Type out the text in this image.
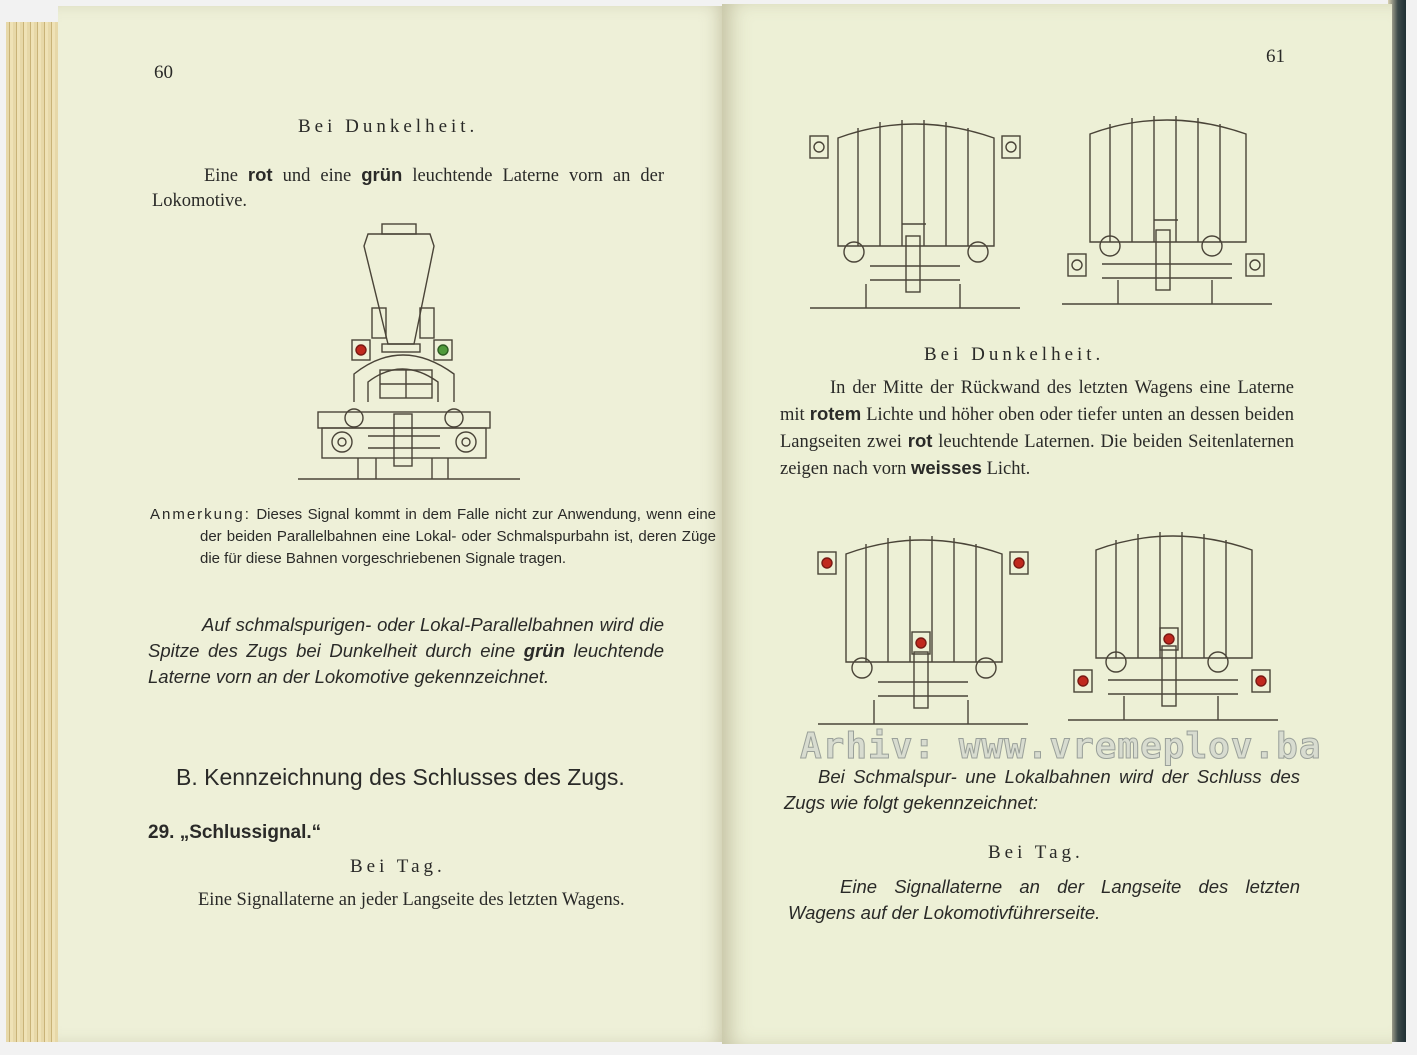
60

Bei Dunkelheit.

Eine rot und eine grün leuchtende Laterne vorn an der Lokomotive.

Anmerkung: Dieses Signal kommt in dem Falle nicht zur Anwendung, wenn eine der beiden Parallelbahnen eine Lokal- oder Schmalspurbahn ist, deren Züge die für diese Bahnen vorgeschriebenen Signale tragen.

Auf schmalspurigen- oder Lokal-Parallelbahnen wird die Spitze des Zugs bei Dunkelheit durch eine grün leuchtende Laterne vorn an der Lokomotive gekennzeichnet.

B. Kennzeichnung des Schlusses des Zugs.

29. „Schlussignal.“

Bei Tag.

Eine Signallaterne an jeder Langseite des letzten Wagens.

61

Bei Dunkelheit.

In der Mitte der Rückwand des letzten Wagens eine Laterne mit rotem Lichte und höher oben oder tiefer unten an dessen beiden Langseiten zwei rot leuchtende Laternen. Die beiden Seitenlaternen zeigen nach vorn weisses Licht.

Bei Schmalspur- une Lokalbahnen wird der Schluss des Zugs wie folgt gekennzeichnet:

Bei Tag.

Eine Signallaterne an der Langseite des letzten Wagens auf der Lokomotivführerseite.

Arhiv: www.vremeplov.ba
